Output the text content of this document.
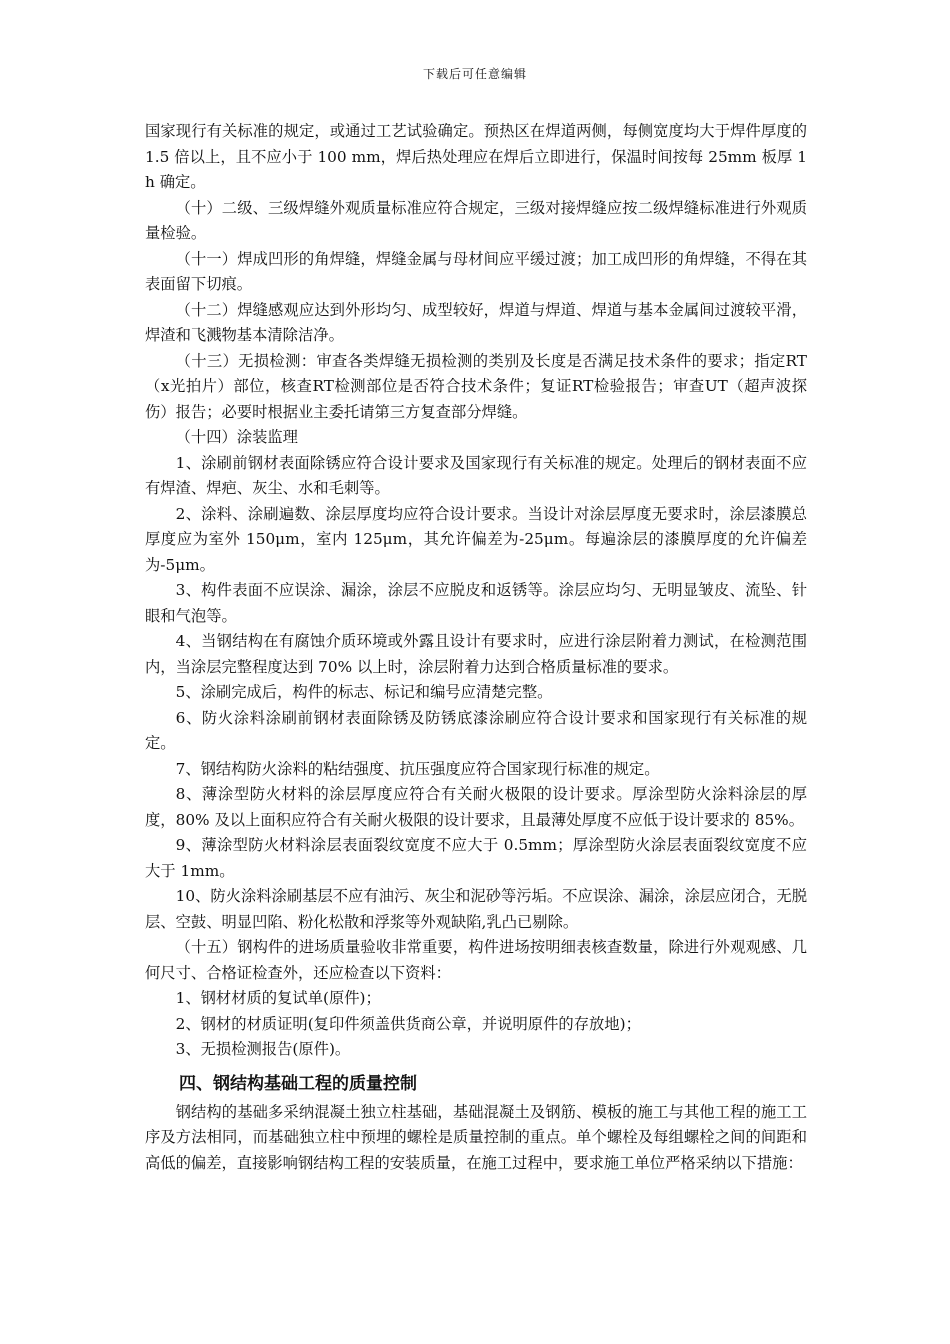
下载后可任意编辑

国家现行有关标准的规定，或通过工艺试验确定。预热区在焊道两侧，每侧宽度均大于焊件厚度的 1.5 倍以上，且不应小于 100 mm，焊后热处理应在焊后立即进行，保温时间按每 25mm 板厚 1 h 确定。

（十）二级、三级焊缝外观质量标准应符合规定，三级对接焊缝应按二级焊缝标准进行外观质量检验。

（十一）焊成凹形的角焊缝，焊缝金属与母材间应平缓过渡；加工成凹形的角焊缝，不得在其表面留下切痕。

（十二）焊缝感观应达到外形均匀、成型较好，焊道与焊道、焊道与基本金属间过渡较平滑，焊渣和飞溅物基本清除洁净。

（十三）无损检测：审查各类焊缝无损检测的类别及长度是否满足技术条件的要求；指定RT（x光拍片）部位，核查RT检测部位是否符合技术条件；复证RT检验报告；审查UT（超声波探伤）报告；必要时根据业主委托请第三方复查部分焊缝。

（十四）涂装监理

1、涂刷前钢材表面除锈应符合设计要求及国家现行有关标准的规定。处理后的钢材表面不应有焊渣、焊疤、灰尘、水和毛刺等。

2、涂料、涂刷遍数、涂层厚度均应符合设计要求。当设计对涂层厚度无要求时，涂层漆膜总厚度应为室外 150μm，室内 125μm，其允许偏差为-25μm。每遍涂层的漆膜厚度的允许偏差为-5μm。

3、构件表面不应误涂、漏涂，涂层不应脱皮和返锈等。涂层应均匀、无明显皱皮、流坠、针眼和气泡等。

4、当钢结构在有腐蚀介质环境或外露且设计有要求时，应进行涂层附着力测试，在检测范围内，当涂层完整程度达到 70% 以上时，涂层附着力达到合格质量标准的要求。

5、涂刷完成后，构件的标志、标记和编号应清楚完整。

6、防火涂料涂刷前钢材表面除锈及防锈底漆涂刷应符合设计要求和国家现行有关标准的规定。

7、钢结构防火涂料的粘结强度、抗压强度应符合国家现行标准的规定。

8、薄涂型防火材料的涂层厚度应符合有关耐火极限的设计要求。厚涂型防火涂料涂层的厚度，80% 及以上面积应符合有关耐火极限的设计要求，且最薄处厚度不应低于设计要求的 85%。

9、薄涂型防火材料涂层表面裂纹宽度不应大于 0.5mm；厚涂型防火涂层表面裂纹宽度不应大于 1mm。

10、防火涂料涂刷基层不应有油污、灰尘和泥砂等污垢。不应误涂、漏涂，涂层应闭合，无脱层、空鼓、明显凹陷、粉化松散和浮浆等外观缺陷,乳凸已剔除。

（十五）钢构件的进场质量验收非常重要，构件进场按明细表核查数量，除进行外观观感、几何尺寸、合格证检查外，还应检查以下资料：

1、钢材材质的复试单(原件)；

2、钢材的材质证明(复印件须盖供货商公章，并说明原件的存放地)；

3、无损检测报告(原件)。

四、钢结构基础工程的质量控制

钢结构的基础多采纳混凝土独立柱基础，基础混凝土及钢筋、模板的施工与其他工程的施工工序及方法相同，而基础独立柱中预埋的螺栓是质量控制的重点。单个螺栓及每组螺栓之间的间距和高低的偏差，直接影响钢结构工程的安装质量，在施工过程中，要求施工单位严格采纳以下措施：
